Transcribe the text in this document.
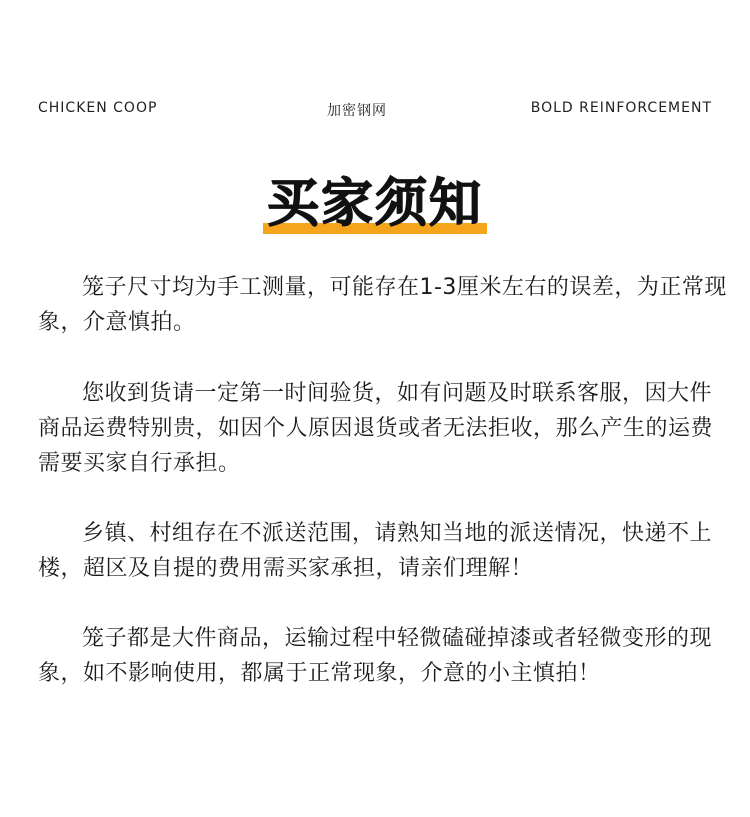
CHICKEN COOP	加密钢网	BOLD REINFORCEMENT
买家须知
笼子尺寸均为手工测量，可能存在1-3厘米左右的误差，为正常现象，介意慎拍。
您收到货请一定第一时间验货，如有问题及时联系客服，因大件商品运费特别贵，如因个人原因退货或者无法拒收，那么产生的运费需要买家自行承担。
乡镇、村组存在不派送范围，请熟知当地的派送情况，快递不上楼，超区及自提的费用需买家承担，请亲们理解！
笼子都是大件商品，运输过程中轻微磕碰掉漆或者轻微变形的现象，如不影响使用，都属于正常现象，介意的小主慎拍！
